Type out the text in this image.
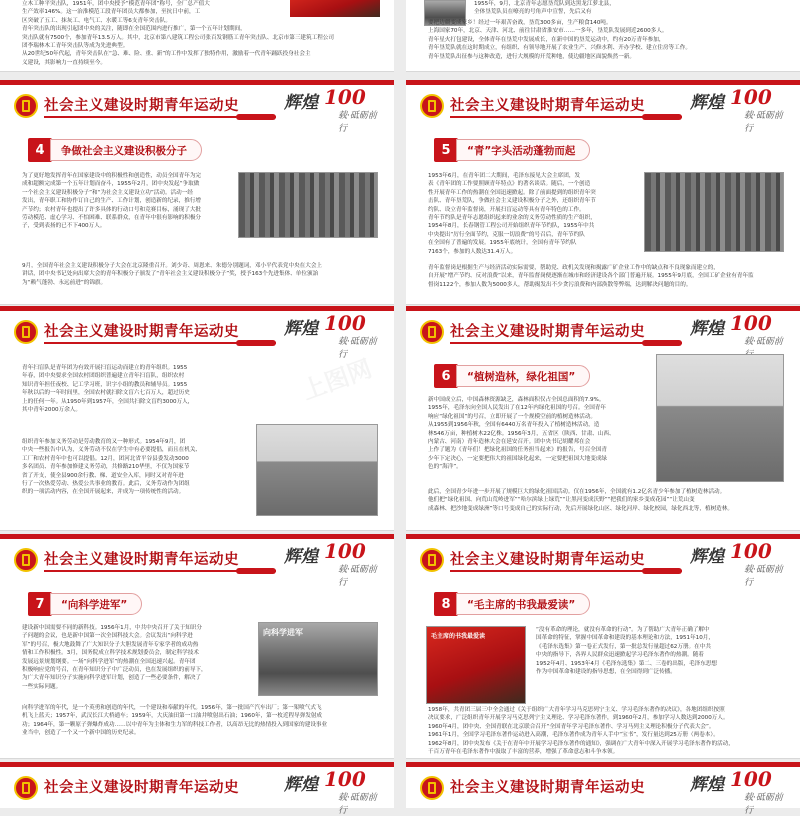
立木工种平突击队，1951年，团中央授予“模范青年团”称号，全厂总产值大
生产效率146%。这一治淮模范工段青年团员大都参加，至抗日中前，工
区突破了五工、抹灰工、电气工、水暖工等6支青年突击队。
青年突击队的出现引起团中央的关注，随即在全国范围内进行推广，第一个五年计划期间，
突击队就有7500个，参加青年13.5万人。其中，北京市第八建筑工程公司张百发钢筋工青年突击队、北京市第三建筑工程公司
团李瑞林木工青年突击队等成为先进典型。
从20世纪50年代起，青年突击队在“急、难、险、重、新”的工作中发挥了独特作用，激励着一代青年踊跃投身社会主
义建设，其影响力一直持续至今。
要把边疆变成家乡！经过一年艰苦奋战，垦荒300多亩，生产粮食140吨。
上海国家70年，北京、天津、河北、前往甘肃省淮安市……一多年，垦荒队发展到近2600多人。
青年星火打包建设，全体青年在垦荒中发展成长，在新中国的垦荒运动中，约有20万青年参加，
青年垦荒队就在这时期成立，有组织、有领导地开展了农业生产、兴修水利、开办学校、建立住房等工作。
青年垦荒队出征参与这种改造，进行大规模的开荒种地，使边疆地区面貌焕然一新。
1955年，9月，北京青年志愿垦荒队到达黑龙江萝北县，
全体垦荒队员在嘹亮的号角声中宣誓，先后又有
社会主义建设时期青年运动史	辉煌 100
载·砥砺前行
4	争做社会主义建设积极分子
为了更好地发挥青年在国家建设中的积极性和创造性，动员全国青年为完
成和超额完成第一个五年计划而奋斗，1955年2月，团中央发起“争取做
一个社会主义建设积极分子”和“为社会主义建设立功”活动。活动一经
发出，青年职工和协作订自己的生产、工作计划，创造新的纪录，推行增
产节约；农村青年也提出了许多具体的行动口号和竞赛目标，涌现了大批
劳动模范、虚心学习、不怕困难、联系群众，在青年中很有影响的积极分
子，受到表扬的已不下400万人。
9月，全国青年社会主义建设积极分子大会在北京隆重召开。刘少奇、周恩来、朱德分别题词，邓小平代表党中央在大会上
讲话，团中央书记处向出席大会的青年积极分子颁发了“青年社会主义建设积极分子”奖，授予163个先进集体、单位颁詒
为“赖气蓬勃、永远前进”的锦旗。
社会主义建设时期青年运动史	辉煌 100
载·砥砺前行
5	“青”字头活动蓬勃而起
1953年6月，在青年团二大期间，毛泽东接见大会主席团，发
表《青年团的工作要照顾青年特点》的著名谈话。随后，一个创造
性开展青年工作的热潮在全国迅速掀起。除了前面提到的组织青年突
击队、青年垦荒队，争做社会主义建设积极分子之外，还组织青年节
约队、设立青年监督岗，开展扫盲运动等具有青年特色的工作。
青年节约队是青年志愿组织起来的业余的义务劳动性质的生产组织，
1954年8月，长春钢管工程公司开始组织青年节约队，1955年中共
中央提出“厉行全面节约，克服一切浪费”的号召后，青年节约队
在全国有了普遍的发展。1955年底统计，全国有青年节约队
7163个，参加的人数达31.4万人。
青年监督岗是根据生产与经济活动实际需要，帮助党、政机关发现和揭露广矿企业工作中的缺点和不良现象而建立的，
自开展“增产节约、反对浪费”以来，青年监督岗便逐渐在城市和经济建设各个部门普遍开展。1955年9月底，全国工矿企业有青年监
督岗1122个，参加人数为5000多人，帮助揭发出不少贪污浪费和内部涣散等弊端，达到解决问题的目的。
社会主义建设时期青年运动史	辉煌 100
载·砥砺前行
青年扫盲队是青年团为有效开展扫盲运动而建立的青年组织。1955
年春，团中央要求全国农村团组织普遍建立青年扫盲队，组织农村
知识青年担任夜校、记工学习班，识字小组的教员和辅导员。1955
年秋以后的一年时间里，全国农村就扫除文盲六七百万人，超过历史
上的任何一年。从1950年到1957年，全国共扫除文盲约3000万人，
其中青年2000万余人。
组织青年参加义务劳动是劳动教育的又一种形式。1954年9月，团
中央一些报告中认为，义务劳动不仅在学生中有必要提倡，而且在机关、
工厂和农村青年中也可以提倡。12月，团河北省平谷县委发动3000
多名团员、青年参加修建义务劳动，共修路210华里，不仅为国家节
省了开支，使全县900余行教、梯、道安全入库，同时又对青年进
行了一次热爱劳动、热爱公共事业的教育。此后，义务劳动作为团组
织的一项活动内容，在全国开展起来，并成为一项传统性的活动。
社会主义建设时期青年运动史	辉煌 100
载·砥砺前
6	“植树造林，绿化祖国”
新中国成立后，中国森林资源缺乏，森林面积仅占全国总面积的7.9%。
1955年，毛泽东向全国人民发出了在12年内绿化祖国的号召。全国青年
响应“绿化祖国”的号召，立即开展了一个规模空前的植树造林活动。
从1955到1956年秋，全国有6440万名青年投入了植树造林活动，造
林546万亩，种植树木22亿株。1956年3月，五省区（陕西、甘肃、山西、
内蒙古、河南）青年造林大会在延安召开。团中央书记胡耀邦在会
上作了题为《青年们！把绿化祖国的任务担当起来》的报告，号召全国青
少年下定决心，一定要把伟大的祖国绿化起来，一定要把祖国大地变成绿
色的“海洋”。
此后，全国青少年进一步开展了规模巨大的绿化祖国活动。仅在1956年，全国就有1.2亿名青少年参加了植树造林活动。
他们把“绿化祖国、向荒山荒岭进军”“哈尔滨绿上绿荒”“让黑河变成沃野”“把我们的家乡变成花园”“让荒山变
成森林、把沙地变成绿洲”等口号变成自己的实际行动，先后开展绿化山区、绿化河岸、绿化校园，绿化西北等，植树造林。
社会主义建设时期青年运动史	辉煌 100
载·砥砺前行
7	“向科学进军”
建设新中国需要不同的新科技。1956年1月，中共中央召开了关于知识分
子问题的会议，也是新中国第一次全国科技大会。会议发出“向科学进
军”的号召，极大地鼓舞了广大知识分子大胆发展青年专家学者的成功热
情和工作积极性。3月，国务院成立科学技术规划委员会，制定科学技术
发展远景规划纲要。一场“向科学进军”的热潮在全国迅速兴起。青年团
积极响应党的号召，在青年知识分子中广泛动员，也在发展组织的前导下，
为广大青年知识分子实施向科学进军计划，创造了一些必要条件，解决了
一些实际问题。
向科学进军
向科学进军的年代，是一个英勇和创造的年代，一个建设和奉献的年代。1956年，第一批国产汽车出厂；第一架喷气式飞
机飞上蓝天；1957年，武汉长江大桥通车；1959年，大庆油田第一口油井喷射出石油；1960年，第一枚近程导弹发射成
功；1964年，第一颗原子弹爆炸成功……以中青年为主体和生力军的科技工作者，以高昂无比的热情投入到国家的建设事业
业当中，创造了一个又一个新中国的历史纪录。
社会主义建设时期青年运动史	辉煌 100
载·砥砺前行
8	“毛主席的书我最爱读”
毛主席的书我最爱读
“没有革命的理论，就没有革命的行动”。为了帮助广大青年正确了解中
国革命的特征，掌握中国革命和建设的基本理论和方法，1951年10月，
《毛泽东选集》第一卷正式发行，第一批总发行量超过62万册。在中共
中央的指导下，各界人民群众迅速掀起学习毛泽东著作的热潮。随着
1952年4月、1953年4月《毛泽东选集》第二、三卷的出版，毛泽东思想
作为中国革命和建设的指导思想，在全国得到广泛传播。
1958年，共青团三届三中全会通过《关于组织广大青年学习马克思列宁主义、学习毛泽东著作的决议》，各地团组织按照
决议要求，广泛组织青年开展学习马克思列宁主义理论、学习毛泽东著作，到1960年2月，参加学习人数达到2000万人。
1960年4月，团中央、全国青联在北京联合召开“全国青年学习毛泽东著作、学习马列主义理论积极分子代表大会”。
1961年1月，全国学习毛泽东著作运动进入高潮，毛泽东著作成为青年人手中“宝书”，发行量达到25万册（两卷本）。
1962年8月，团中央发布《关于在青年中开展学习毛泽东著作的通知》，强调在广大青年中深入开展学习毛泽东著作的活动，
千百万青年在毛泽东著作中汲取了丰富的营养，增强了革命意志和斗争本领。
社会主义建设时期青年运动史	辉煌 100
载·砥砺前行
社会主义建设时期青年运动史	辉煌 100
载·砥砺前行
